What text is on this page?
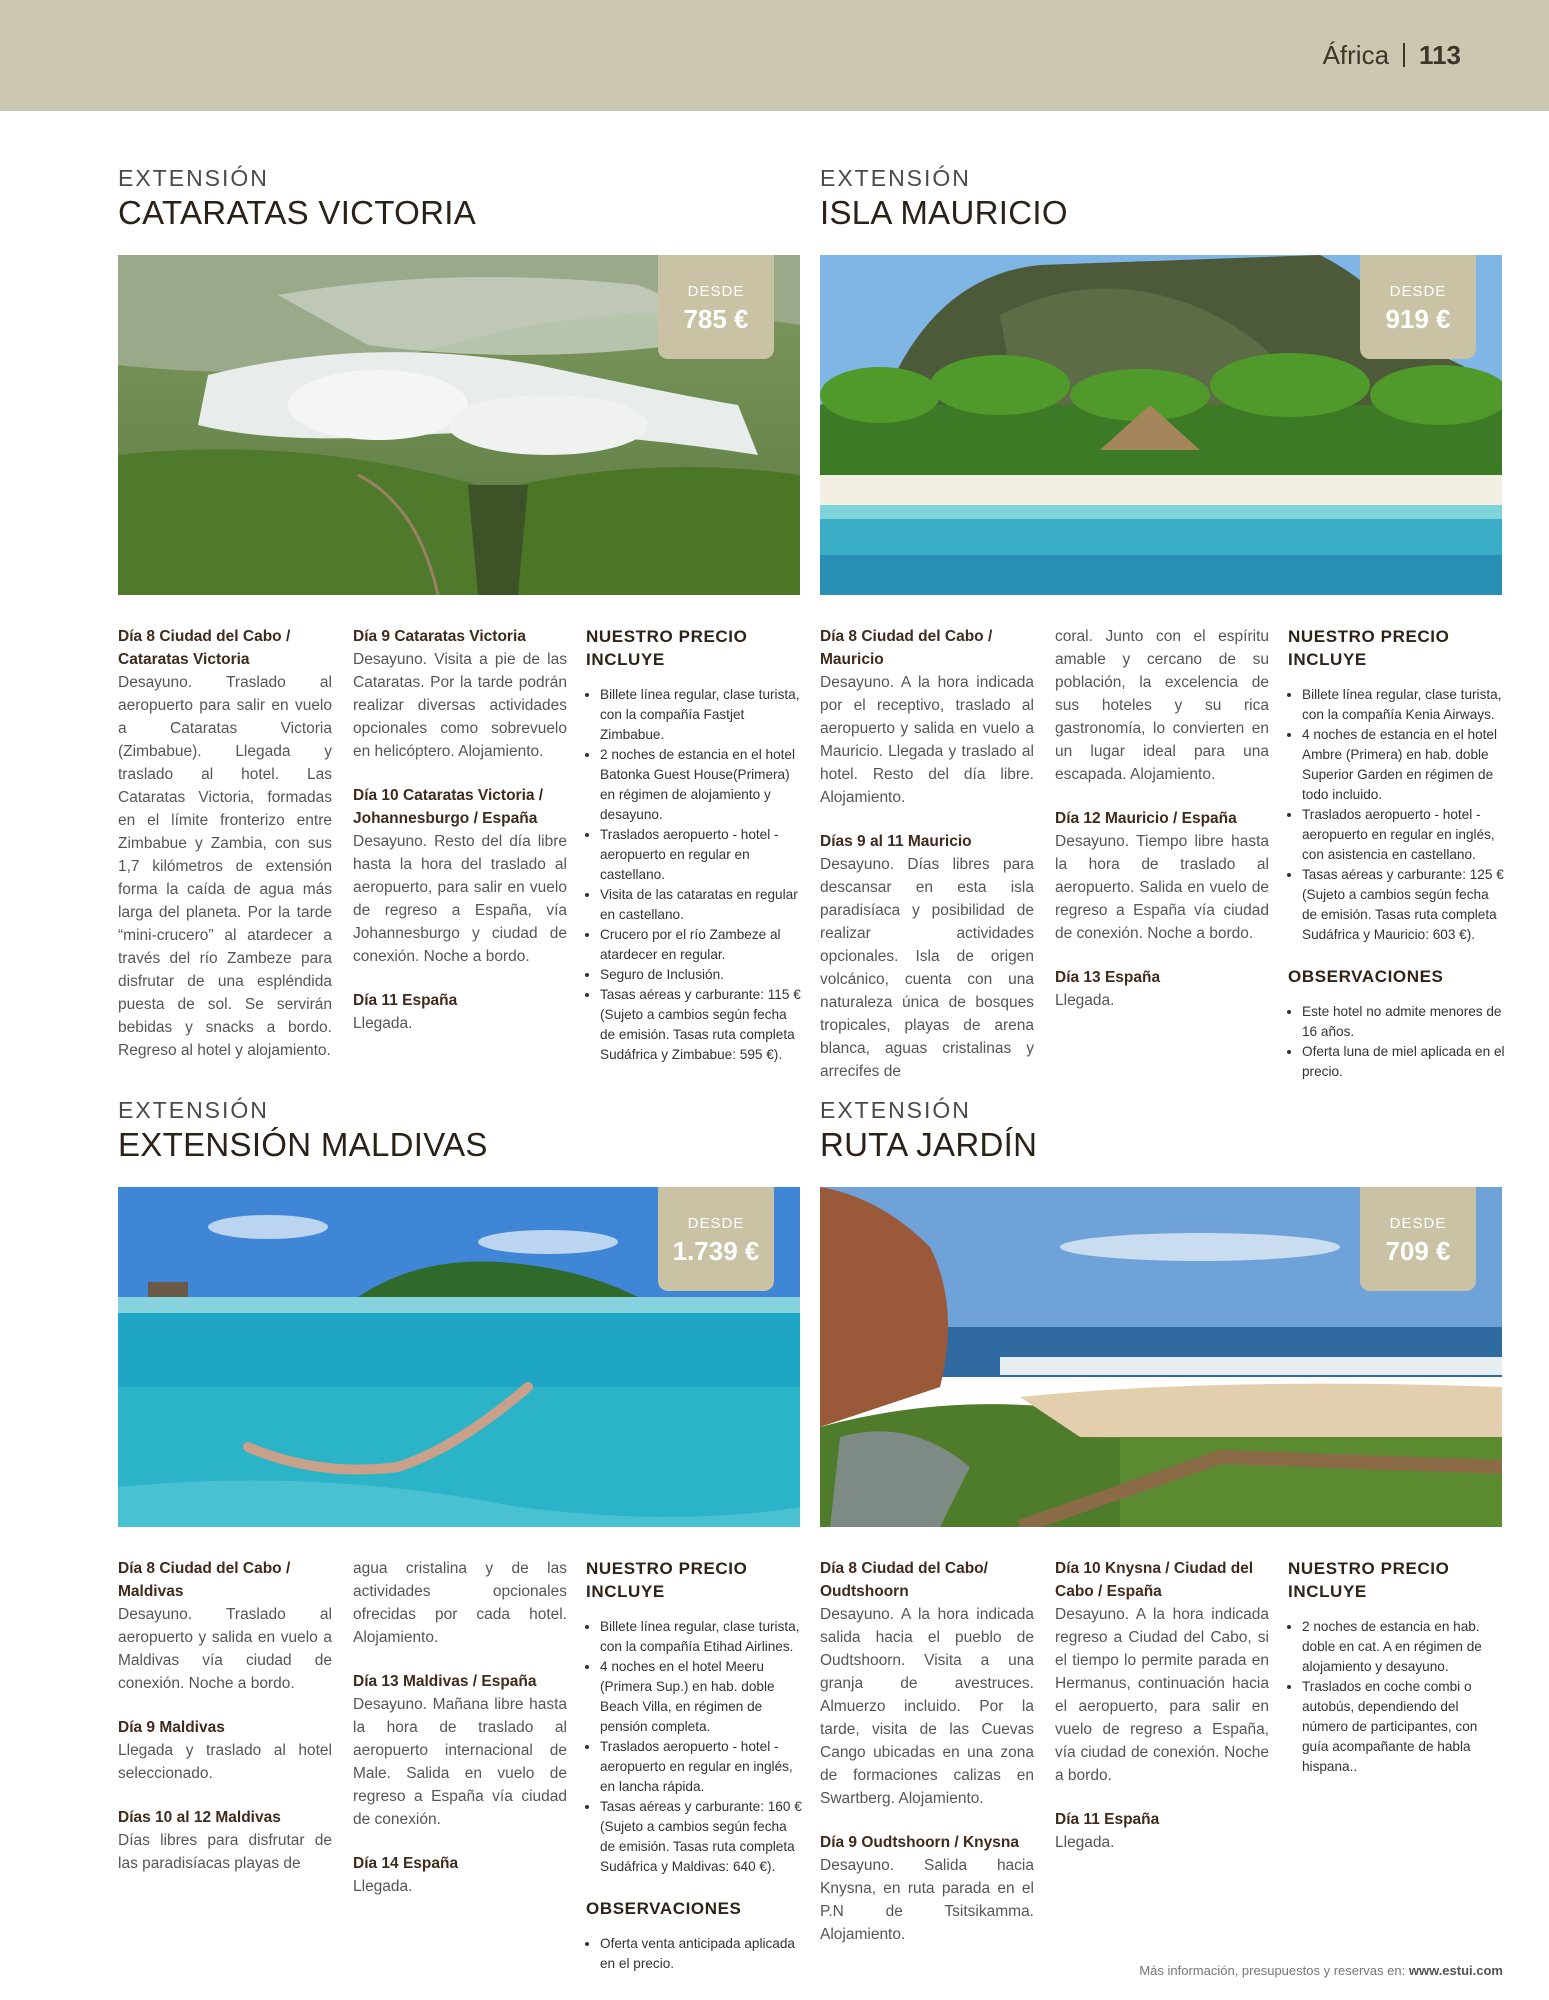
África 113
EXTENSIÓN
CATARATAS VICTORIA
DESDE
785 €
Día 8 Ciudad del Cabo / Cataratas Victoria

Desayuno. Traslado al aeropuerto para salir en vuelo a Cataratas Victoria (Zimbabue). Llegada y traslado al hotel. Las Cataratas Victoria, formadas en el límite fronterizo entre Zimbabue y Zambia, con sus 1,7 kilómetros de extensión forma la caída de agua más larga del planeta. Por la tarde “mini-crucero” al atardecer a través del río Zambeze para disfrutar de una espléndida puesta de sol. Se servirán bebidas y snacks a bordo. Regreso al hotel y alojamiento.

Día 9 Cataratas Victoria

Desayuno. Visita a pie de las Cataratas. Por la tarde podrán realizar diversas actividades opcionales como sobrevuelo en helicóptero. Alojamiento.

Día 10 Cataratas Victoria / Johannesburgo / España

Desayuno. Resto del día libre hasta la hora del traslado al aeropuerto, para salir en vuelo de regreso a España, vía Johannesburgo y ciudad de conexión. Noche a bordo.

Día 11 España

Llegada.

NUESTRO PRECIO INCLUYE
• Billete línea regular, clase turista, con la compañía Fastjet Zimbabue.
• 2 noches de estancia en el hotel Batonka Guest House(Primera) en régimen de alojamiento y desayuno.
• Traslados aeropuerto - hotel - aeropuerto en regular en castellano.
• Visita de las cataratas en regular en castellano.
• Crucero por el río Zambeze al atardecer en regular.
• Seguro de Inclusión.
• Tasas aéreas y carburante: 115 € (Sujeto a cambios según fecha de emisión. Tasas ruta completa Sudáfrica y Zimbabue: 595 €).
EXTENSIÓN
ISLA MAURICIO
DESDE
919 €
Día 8 Ciudad del Cabo / Mauricio

Desayuno. A la hora indicada por el receptivo, traslado al aeropuerto y salida en vuelo a Mauricio. Llegada y traslado al hotel. Resto del día libre. Alojamiento.

Días 9 al 11 Mauricio

Desayuno. Días libres para descansar en esta isla paradisíaca y posibilidad de realizar actividades opcionales. Isla de origen volcánico, cuenta con una naturaleza única de bosques tropicales, playas de arena blanca, aguas cristalinas y arrecifes de

coral. Junto con el espíritu amable y cercano de su población, la excelencia de sus hoteles y su rica gastronomía, lo convierten en un lugar ideal para una escapada. Alojamiento.

Día 12 Mauricio / España

Desayuno. Tiempo libre hasta la hora de traslado al aeropuerto. Salida en vuelo de regreso a España vía ciudad de conexión. Noche a bordo.

Día 13 España

Llegada.

NUESTRO PRECIO INCLUYE
• Billete línea regular, clase turista, con la compañía Kenia Airways.
• 4 noches de estancia en el hotel Ambre (Primera) en hab. doble Superior Garden en régimen de todo incluido.
• Traslados aeropuerto - hotel - aeropuerto en regular en inglés, con asistencia en castellano.
• Tasas aéreas y carburante: 125 € (Sujeto a cambios según fecha de emisión. Tasas ruta completa Sudáfrica y Mauricio: 603 €).
OBSERVACIONES
• Este hotel no admite menores de 16 años.
• Oferta luna de miel aplicada en el precio.
EXTENSIÓN
EXTENSIÓN MALDIVAS
DESDE
1.739 €
Día 8 Ciudad del Cabo / Maldivas

Desayuno. Traslado al aeropuerto y salida en vuelo a Maldivas vía ciudad de conexión. Noche a bordo.

Día 9 Maldivas

Llegada y traslado al hotel seleccionado.

Días 10 al 12 Maldivas

Días libres para disfrutar de las paradisíacas playas de

agua cristalina y de las actividades opcionales ofrecidas por cada hotel. Alojamiento.

Día 13 Maldivas / España

Desayuno. Mañana libre hasta la hora de traslado al aeropuerto internacional de Male. Salida en vuelo de regreso a España vía ciudad de conexión.

Día 14 España

Llegada.

NUESTRO PRECIO INCLUYE
• Billete línea regular, clase turista, con la compañía Etihad Airlines.
• 4 noches en el hotel Meeru (Primera Sup.) en hab. doble Beach Villa, en régimen de pensión completa.
• Traslados aeropuerto - hotel - aeropuerto en regular en inglés, en lancha rápida.
• Tasas aéreas y carburante: 160 € (Sujeto a cambios según fecha de emisión. Tasas ruta completa Sudáfrica y Maldivas: 640 €).
OBSERVACIONES
• Oferta venta anticipada aplicada en el precio.
EXTENSIÓN
RUTA JARDÍN
DESDE
709 €
Día 8 Ciudad del Cabo/ Oudtshoorn

Desayuno. A la hora indicada salida hacia el pueblo de Oudtshoorn. Visita a una granja de avestruces. Almuerzo incluido. Por la tarde, visita de las Cuevas Cango ubicadas en una zona de formaciones calizas en Swartberg. Alojamiento.

Día 9 Oudtshoorn / Knysna

Desayuno. Salida hacia Knysna, en ruta parada en el P.N de Tsitsikamma. Alojamiento.

Día 10 Knysna / Ciudad del Cabo / España

Desayuno. A la hora indicada regreso a Ciudad del Cabo, si el tiempo lo permite parada en Hermanus, continuación hacia el aeropuerto, para salir en vuelo de regreso a España, vía ciudad de conexión. Noche a bordo.

Día 11 España

Llegada.

NUESTRO PRECIO INCLUYE
• 2 noches de estancia en hab. doble en cat. A en régimen de alojamiento y desayuno.
• Traslados en coche combi o autobús, dependiendo del número de participantes, con guía acompañante de habla hispana..
Más información, presupuestos y reservas en: www.estui.com
